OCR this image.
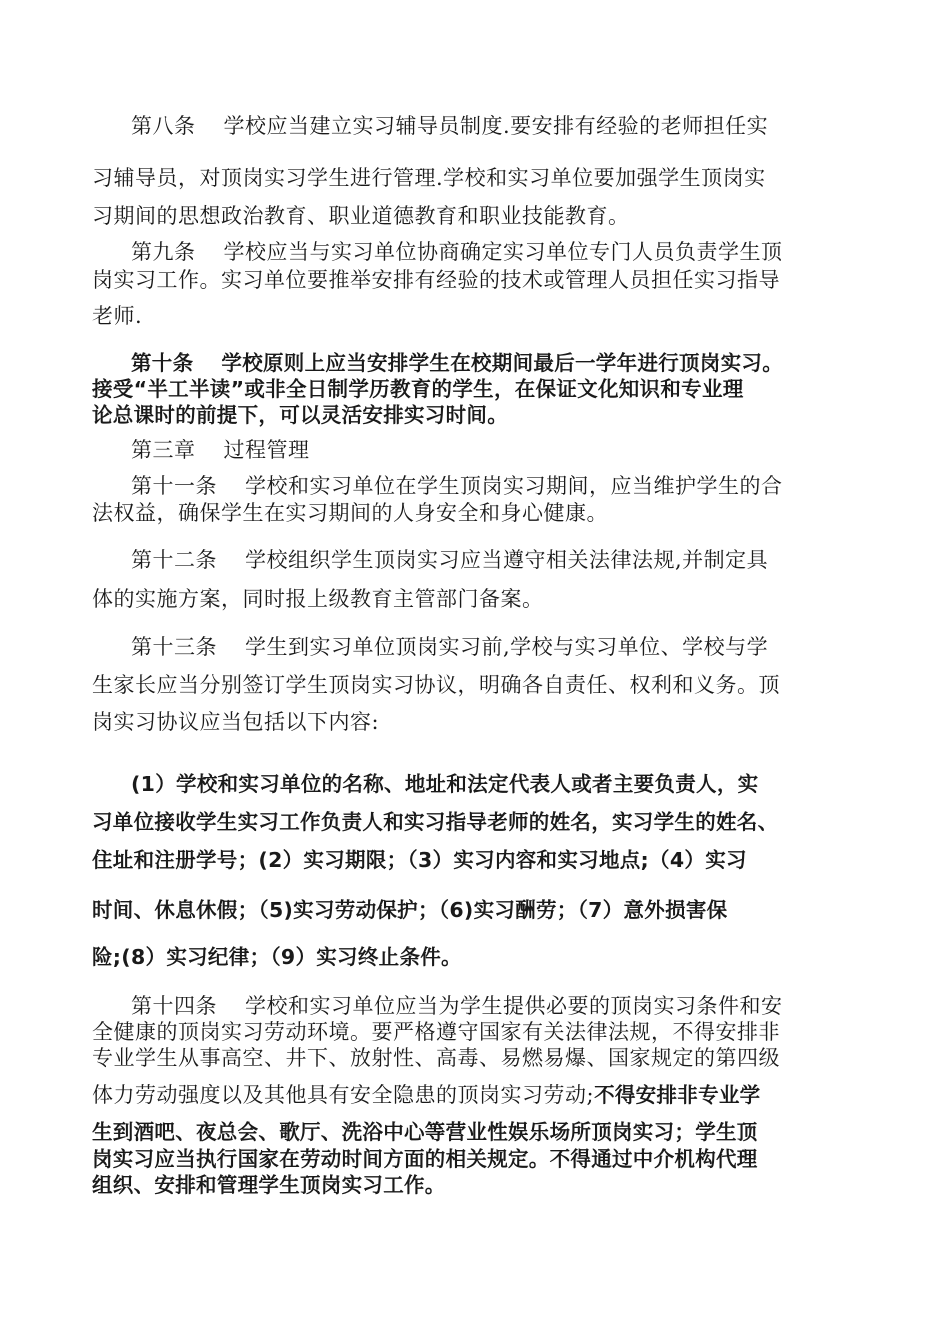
第八条 学校应当建立实习辅导员制度.要安排有经验的老师担任实
习辅导员，对顶岗实习学生进行管理.学校和实习单位要加强学生顶岗实
习期间的思想政治教育、职业道德教育和职业技能教育。
第九条 学校应当与实习单位协商确定实习单位专门人员负责学生顶
岗实习工作。实习单位要推举安排有经验的技术或管理人员担任实习指导
老师.
第十条 学校原则上应当安排学生在校期间最后一学年进行顶岗实习。
接受“半工半读”或非全日制学历教育的学生，在保证文化知识和专业理
论总课时的前提下，可以灵活安排实习时间。
第三章 过程管理
第十一条 学校和实习单位在学生顶岗实习期间，应当维护学生的合
法权益，确保学生在实习期间的人身安全和身心健康。
第十二条 学校组织学生顶岗实习应当遵守相关法律法规,并制定具
体的实施方案，同时报上级教育主管部门备案。
第十三条 学生到实习单位顶岗实习前,学校与实习单位、学校与学
生家长应当分别签订学生顶岗实习协议，明确各自责任、权利和义务。顶
岗实习协议应当包括以下内容:
(1）学校和实习单位的名称、地址和法定代表人或者主要负责人，实
习单位接收学生实习工作负责人和实习指导老师的姓名，实习学生的姓名、
住址和注册学号；(2）实习期限；（3）实习内容和实习地点;（4）实习
时间、休息休假；（5)实习劳动保护；（6)实习酬劳；（7）意外损害保
险;(8）实习纪律；（9）实习终止条件。
第十四条 学校和实习单位应当为学生提供必要的顶岗实习条件和安
全健康的顶岗实习劳动环境。要严格遵守国家有关法律法规，不得安排非
专业学生从事高空、井下、放射性、高毒、易燃易爆、国家规定的第四级
体力劳动强度以及其他具有安全隐患的顶岗实习劳动;不得安排非专业学
生到酒吧、夜总会、歌厅、洗浴中心等营业性娱乐场所顶岗实习；学生顶
岗实习应当执行国家在劳动时间方面的相关规定。不得通过中介机构代理
组织、安排和管理学生顶岗实习工作。
